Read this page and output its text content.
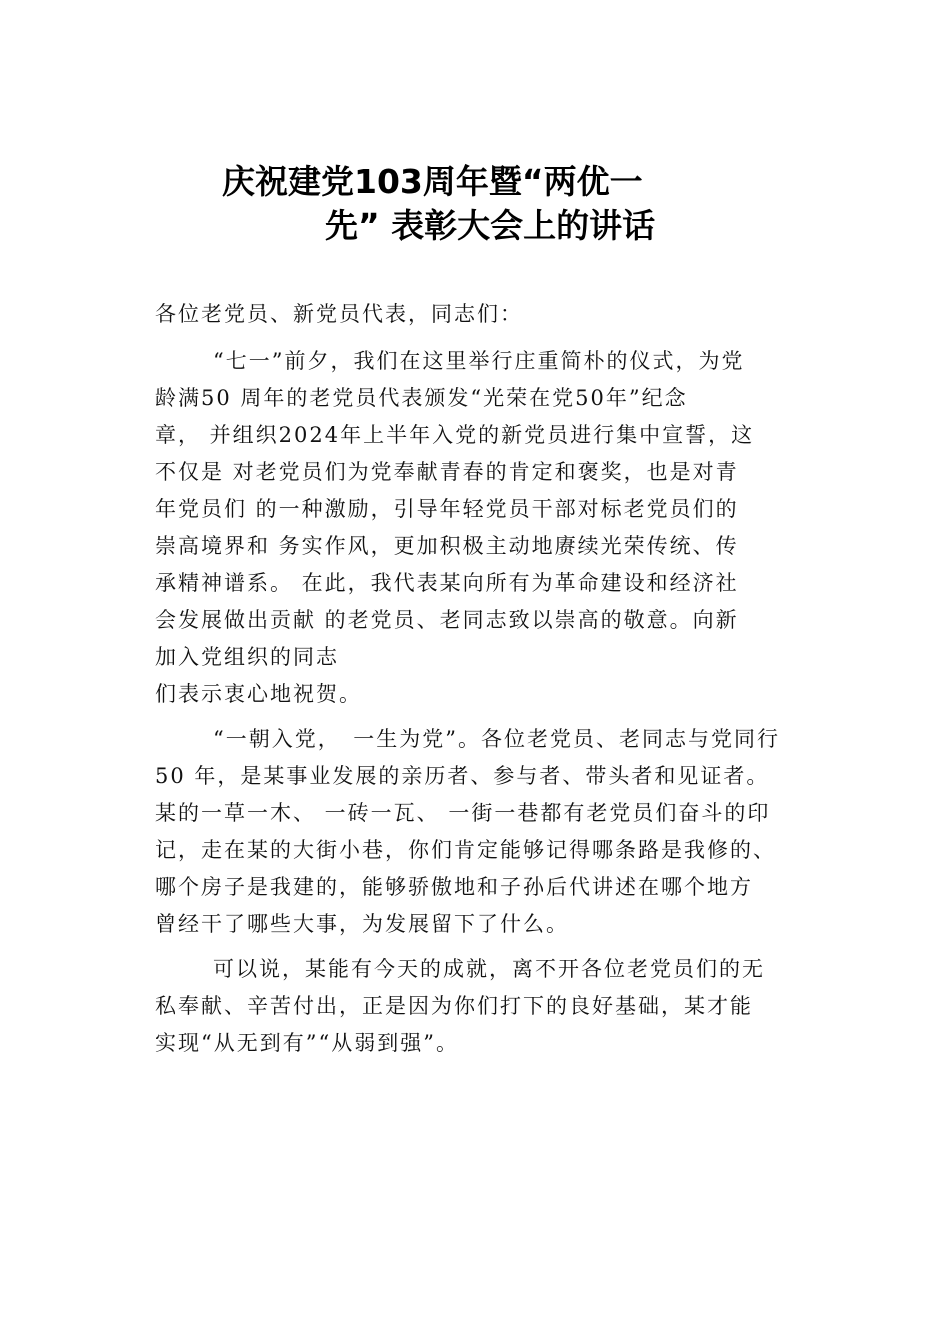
庆祝建党103周年暨“两优一
先” 表彰大会上的讲话
各位老党员、新党员代表，同志们：
“七一”前夕，我们在这里举行庄重简朴的仪式，为党
龄满50 周年的老党员代表颁发“光荣在党50年”纪念
章， 并组织2024年上半年入党的新党员进行集中宣誓，这
不仅是 对老党员们为党奉献青春的肯定和褒奖，也是对青
年党员们 的一种激励，引导年轻党员干部对标老党员们的
崇高境界和 务实作风，更加积极主动地赓续光荣传统、传
承精神谱系。 在此，我代表某向所有为革命建设和经济社
会发展做出贡献 的老党员、老同志致以崇高的敬意。向新
加入党组织的同志
们表示衷心地祝贺。
“一朝入党，　一生为党”。各位老党员、老同志与党同行
50 年，是某事业发展的亲历者、参与者、带头者和见证者。
某的一草一木、 一砖一瓦、 一街一巷都有老党员们奋斗的印
记，走在某的大街小巷，你们肯定能够记得哪条路是我修的、
哪个房子是我建的，能够骄傲地和子孙后代讲述在哪个地方
曾经干了哪些大事，为发展留下了什么。
可以说，某能有今天的成就，离不开各位老党员们的无
私奉献、辛苦付出，正是因为你们打下的良好基础，某才能
实现“从无到有”“从弱到强”。
